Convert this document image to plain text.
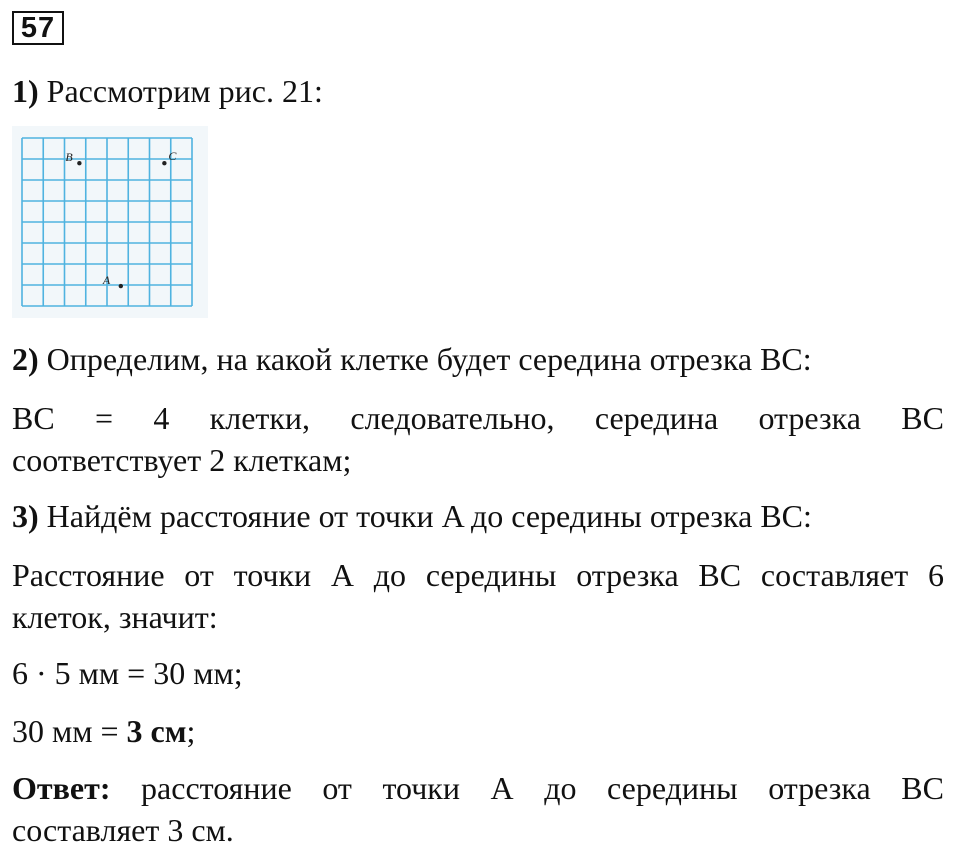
57
1) Рассмотрим рис. 21:
B	C
A
2) Определим, на какой клетке будет середина отрезка BC:
BC = 4 клетки, следовательно, середина отрезка BC
соответствует 2 клеткам;
3) Найдём расстояние от точки A до середины отрезка BC:
Расстояние от точки A до середины отрезка BC составляет 6
клеток, значит:
6 · 5 мм = 30 мм;
30 мм = 3 см;
Ответ: расстояние от точки A до середины отрезка BC
составляет 3 см.
